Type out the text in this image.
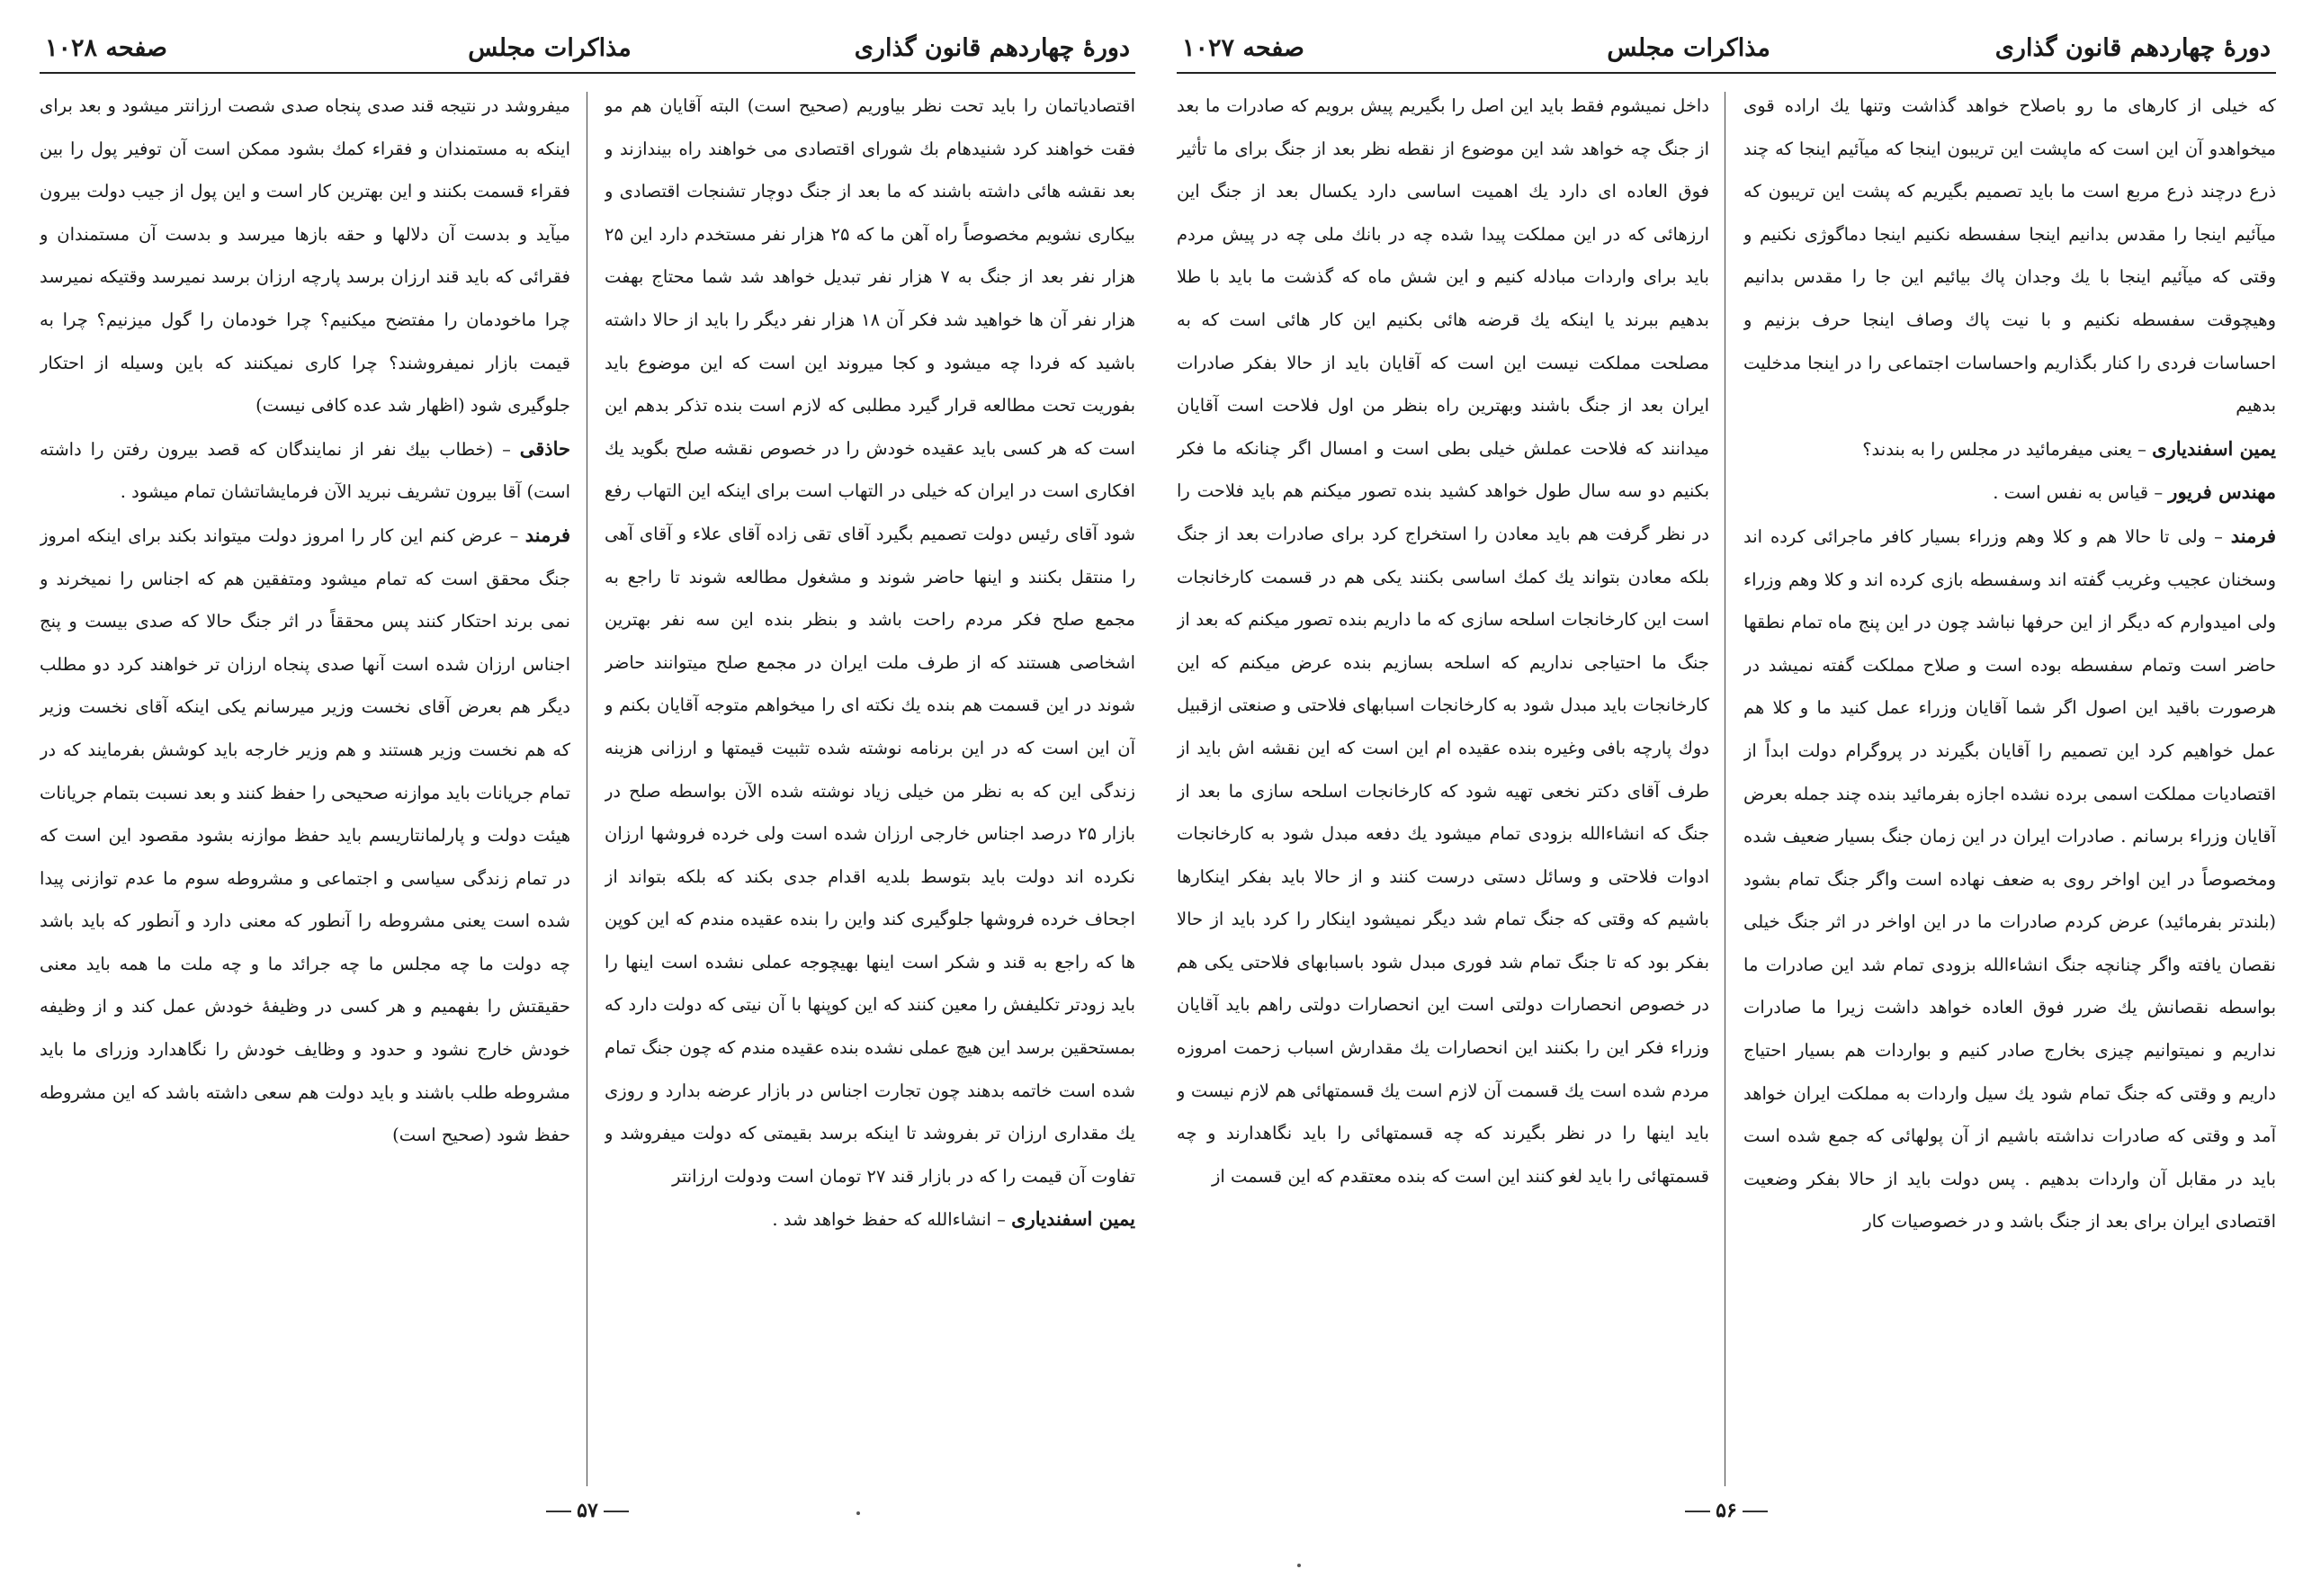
دورۀ چهاردهم قانون گذاری
مذاکرات مجلس
صفحه ۱۰۲۷

که خیلی از کارهای ما رو باصلاح خواهد گذاشت وتنها یك اراده قوی میخواهدو آن این است که ماپشت این تریبون اینجا که میآئیم اینجا که چند ذرع درچند ذرع مربع است ما باید تصمیم بگیریم که پشت این تریبون که میآئیم اینجا را مقدس بدانیم اینجا سفسطه نکنیم اینجا دماگوژی نکنیم و وقتی که میآئیم اینجا با یك وجدان پاك بیائیم این جا را مقدس بدانیم وهیچوقت سفسطه نکنیم و با نیت پاك وصاف اینجا حرف بزنیم و احساسات فردی را کنار بگذاریم واحساسات اجتماعی را در اینجا مدخلیت بدهیم

یمین اسفندیاری – یعنی میفرمائید در مجلس را به بندند؟

مهندس فریور – قیاس به نفس است .

فرمند – ولی تا حالا هم و کلا وهم وزراء بسیار کافر ماجرائی کرده اند وسخنان عجیب وغریب گفته اند وسفسطه بازی کرده اند و کلا وهم وزراء ولی امیدوارم که دیگر از این حرفها نباشد چون در این پنج ماه تمام نطقها حاضر است وتمام سفسطه بوده است و صلاح مملکت گفته نمیشد در هرصورت باقید این اصول اگر شما آقایان وزراء عمل کنید ما و کلا هم عمل خواهیم کرد این تصمیم را آقایان بگیرند در پروگرام دولت ابداً از اقتصادیات مملکت اسمی برده نشده اجازه بفرمائید بنده چند جمله بعرض آقایان وزراء برسانم . صادرات ایران در این زمان جنگ بسیار ضعیف شده ومخصوصاً در این اواخر روی به ضعف نهاده است واگر جنگ تمام بشود (بلندتر بفرمائید) عرض کردم صادرات ما در این اواخر در اثر جنگ خیلی نقصان یافته واگر چنانچه جنگ انشاءالله بزودی تمام شد این صادرات ما بواسطه نقصانش یك ضرر فوق العاده خواهد داشت زیرا ما صادرات نداریم و نمیتوانیم چیزی بخارج صادر کنیم و بواردات هم بسیار احتیاج داریم و وقتی که جنگ تمام شود یك سیل واردات به مملکت ایران خواهد آمد و وقتی که صادرات نداشته باشیم از آن پولهائی که جمع شده است باید در مقابل آن واردات بدهیم . پس دولت باید از حالا بفکر وضعیت اقتصادی ایران برای بعد از جنگ باشد و در خصوصیات کار

داخل نمیشوم فقط باید این اصل را بگیریم پیش برویم که صادرات ما بعد از جنگ چه خواهد شد این موضوع از نقطه نظر بعد از جنگ برای ما تأثیر فوق العاده ای دارد یك اهمیت اساسی دارد یکسال بعد از جنگ این ارزهائی که در این مملکت پیدا شده چه در بانك ملی چه در پیش مردم باید برای واردات مبادله کنیم و این شش ماه که گذشت ما باید با طلا بدهیم ببرند یا اینکه یك قرضه هائی بکنیم این کار هائی است که به مصلحت مملکت نیست این است که آقایان باید از حالا بفکر صادرات ایران بعد از جنگ باشند وبهترین راه بنظر من اول فلاحت است آقایان میدانند که فلاحت عملش خیلی بطی است و امسال اگر چنانکه ما فکر بکنیم دو سه سال طول خواهد کشید بنده تصور میکنم هم باید فلاحت را در نظر گرفت هم باید معادن را استخراج کرد برای صادرات بعد از جنگ بلکه معادن بتواند یك کمك اساسی بکنند یکی هم در قسمت کارخانجات است این کارخانجات اسلحه سازی که ما داریم بنده تصور میکنم که بعد از جنگ ما احتیاجی نداریم که اسلحه بسازیم بنده عرض میکنم که این کارخانجات باید مبدل شود به کارخانجات اسبابهای فلاحتی و صنعتی ازقبیل دوك پارچه بافی وغیره بنده عقیده ام این است که این نقشه اش باید از طرف آقای دکتر نخعی تهیه شود که کارخانجات اسلحه سازی ما بعد از جنگ که انشاءالله بزودی تمام میشود یك دفعه مبدل شود به کارخانجات ادوات فلاحتی و وسائل دستی درست کنند و از حالا باید بفکر اینکارها باشیم که وقتی که جنگ تمام شد دیگر نمیشود اینکار را کرد باید از حالا بفکر بود که تا جنگ تمام شد فوری مبدل شود باسبابهای فلاحتی یکی هم در خصوص انحصارات دولتی است این انحصارات دولتی راهم باید آقایان وزراء فکر این را بکنند این انحصارات یك مقدارش اسباب زحمت امروزه مردم شده است یك قسمت آن لازم است یك قسمتهائی هم لازم نیست و باید اینها را در نظر بگیرند که چه قسمتهائی را باید نگاهدارند و چه قسمتهائی را باید لغو کنند این است که بنده معتقدم که این قسمت از

۵۶
دورۀ چهاردهم قانون گذاری
مذاکرات مجلس
صفحه ۱۰۲۸

اقتصادیاتمان را باید تحت نظر بیاوریم (صحیح است) البته آقایان هم مو فقت خواهند کرد شنیدهام بك شورای اقتصادی می خواهند راه بیندازند و بعد نقشه هائی داشته باشند که ما بعد از جنگ دوچار تشنجات اقتصادی و بیکاری نشویم مخصوصاً راه آهن ما که ۲۵ هزار نفر مستخدم دارد این ۲۵ هزار نفر بعد از جنگ به ۷ هزار نفر تبدیل خواهد شد شما محتاج بهفت هزار نفر آن ها خواهید شد فکر آن ۱۸ هزار نفر دیگر را باید از حالا داشته باشید که فردا چه میشود و کجا میروند این است که این موضوع باید بفوریت تحت مطالعه قرار گیرد مطلبی که لازم است بنده تذکر بدهم این است که هر کسی باید عقیده خودش را در خصوص نقشه صلح بگوید یك افکاری است در ایران که خیلی در التهاب است برای اینکه این التهاب رفع شود آقای رئیس دولت تصمیم بگیرد آقای تقی زاده آقای علاء و آقای آهی را منتقل بکنند و اینها حاضر شوند و مشغول مطالعه شوند تا راجع به مجمع صلح فکر مردم راحت باشد و بنظر بنده این سه نفر بهترین اشخاصی هستند که از طرف ملت ایران در مجمع صلح میتوانند حاضر شوند در این قسمت هم بنده یك نکته ای را میخواهم متوجه آقایان بکنم و آن این است که در این برنامه نوشته شده تثبیت قیمتها و ارزانی هزینه زندگی این که به نظر من خیلی زیاد نوشته شده الآن بواسطه صلح در بازار ۲۵ درصد اجناس خارجی ارزان شده است ولی خرده فروشها ارزان نکرده اند دولت باید بتوسط بلدیه اقدام جدی بکند که بلکه بتواند از اجحاف خرده فروشها جلوگیری کند واین را بنده عقیده مندم که این کوپن ها که راجع به قند و شکر است اینها بهیچوجه عملی نشده است اینها را باید زودتر تکلیفش را معین کنند که این کوپنها با آن نیتی که دولت دارد که بمستحقین برسد این هیچ عملی نشده بنده عقیده مندم که چون جنگ تمام شده است خاتمه بدهند چون تجارت اجناس در بازار عرضه بدارد و روزی یك مقداری ارزان تر بفروشد تا اینکه برسد بقیمتی که دولت میفروشد و تفاوت آن قیمت را که در بازار قند ۲۷ تومان است ودولت ارزانتر

یمین اسفندیاری – انشاءالله که حفظ خواهد شد .

میفروشد در نتیجه قند صدی پنجاه صدی شصت ارزانتر میشود و بعد برای اینکه به مستمندان و فقراء کمك بشود ممکن است آن توفیر پول را بین فقراء قسمت بکنند و این بهترین کار است و این پول از جیب دولت بیرون میآید و بدست آن دلالها و حقه بازها میرسد و بدست آن مستمندان و فقرائی که باید قند ارزان برسد پارچه ارزان برسد نمیرسد وقتیکه نمیرسد چرا ماخودمان را مفتضح میکنیم؟ چرا خودمان را گول میزنیم؟ چرا به قیمت بازار نمیفروشند؟ چرا کاری نمیکنند که باین وسیله از احتکار جلوگیری شود (اظهار شد عده کافی نیست)

حاذقی – (خطاب بیك نفر از نمایندگان که قصد بیرون رفتن را داشته است) آقا بیرون تشریف نبرید الآن فرمایشاتشان تمام میشود .

فرمند – عرض کنم این کار را امروز دولت میتواند بکند برای اینکه امروز جنگ محقق است که تمام میشود ومتفقین هم که اجناس را نمیخرند و نمی برند احتکار کنند پس محققاً در اثر جنگ حالا که صدی بیست و پنج اجناس ارزان شده است آنها صدی پنجاه ارزان تر خواهند کرد دو مطلب دیگر هم بعرض آقای نخست وزیر میرسانم یکی اینکه آقای نخست وزیر که هم نخست وزیر هستند و هم وزیر خارجه باید کوشش بفرمایند که در تمام جریانات باید موازنه صحیحی را حفظ کنند و بعد نسبت بتمام جریانات هیئت دولت و پارلمانتاریسم باید حفظ موازنه بشود مقصود این است که در تمام زندگی سیاسی و اجتماعی و مشروطه سوم ما عدم توازنی پیدا شده است یعنی مشروطه را آنطور که معنی دارد و آنطور که باید باشد چه دولت ما چه مجلس ما چه جرائد ما و چه ملت ما همه باید معنی حقیقتش را بفهمیم و هر کسی در وظیفۀ خودش عمل کند و از وظیفه خودش خارج نشود و حدود و وظایف خودش را نگاهدارد وزرای ما باید مشروطه طلب باشند و باید دولت هم سعی داشته باشد که این مشروطه حفظ شود (صحیح است)

۵۷
